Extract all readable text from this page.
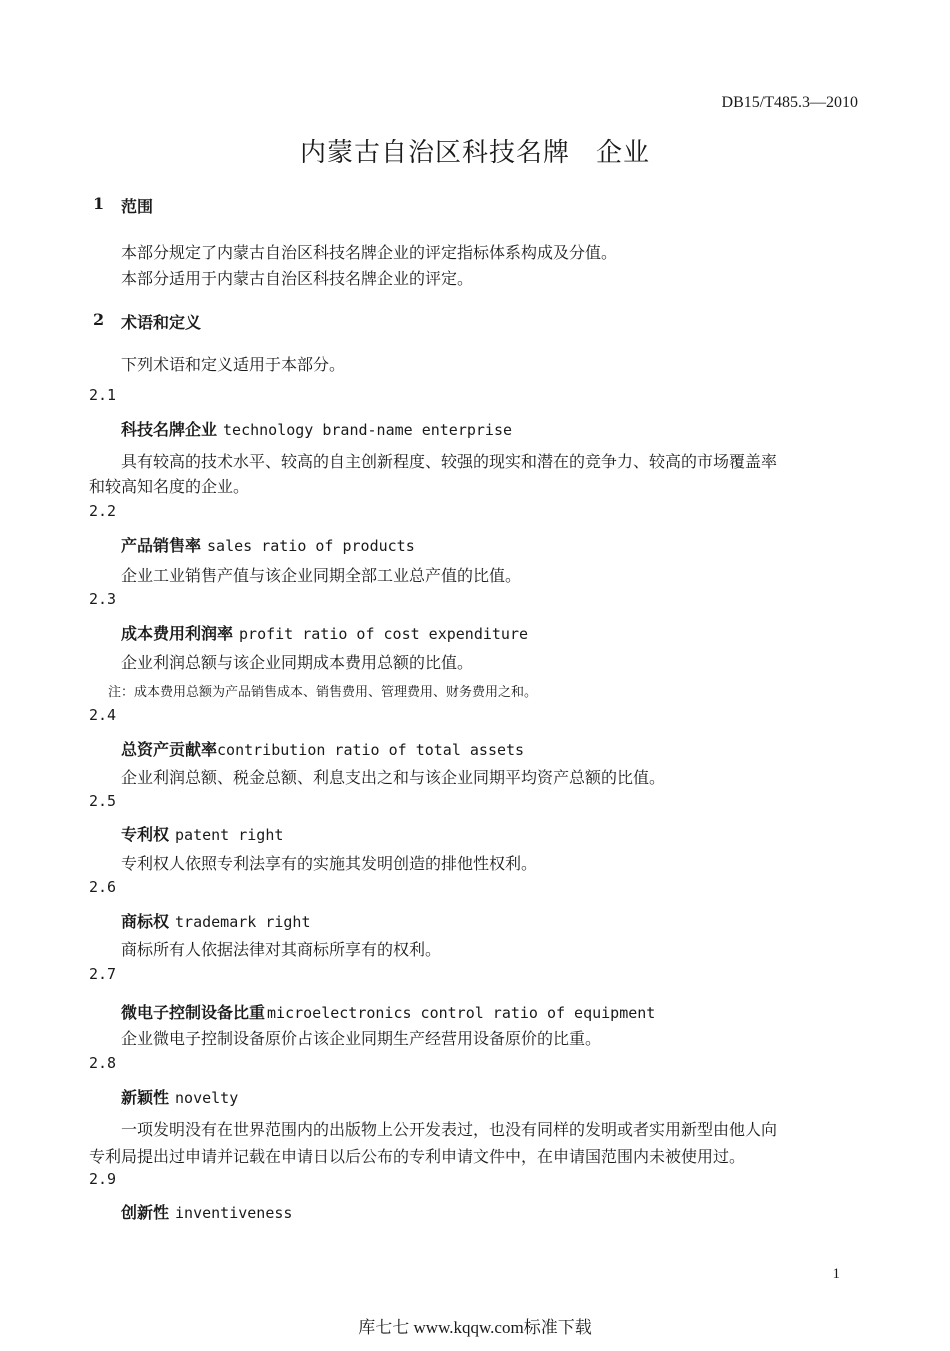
DB15/T485.3—2010
内蒙古自治区科技名牌 企业
1 范围
本部分规定了内蒙古自治区科技名牌企业的评定指标体系构成及分值。
本部分适用于内蒙古自治区科技名牌企业的评定。
2 术语和定义
下列术语和定义适用于本部分。
2.1
科技名牌企业 technology brand-name enterprise
具有较高的技术水平、较高的自主创新程度、较强的现实和潜在的竞争力、较高的市场覆盖率
和较高知名度的企业。
2.2
产品销售率 sales ratio of products
企业工业销售产值与该企业同期全部工业总产值的比值。
2.3
成本费用利润率 profit ratio of cost expenditure
企业利润总额与该企业同期成本费用总额的比值。
注：成本费用总额为产品销售成本、销售费用、管理费用、财务费用之和。
2.4
总资产贡献率contribution ratio of total assets
企业利润总额、税金总额、利息支出之和与该企业同期平均资产总额的比值。
2.5
专利权 patent right
专利权人依照专利法享有的实施其发明创造的排他性权利。
2.6
商标权 trademark right
商标所有人依据法律对其商标所享有的权利。
2.7
微电子控制设备比重 microelectronics control ratio of equipment
企业微电子控制设备原价占该企业同期生产经营用设备原价的比重。
2.8
新颖性 novelty
一项发明没有在世界范围内的出版物上公开发表过，也没有同样的发明或者实用新型由他人向
专利局提出过申请并记载在申请日以后公布的专利申请文件中，在申请国范围内未被使用过。
2.9
创新性 inventiveness
1
库七七 www.kqqw.com标准下载
